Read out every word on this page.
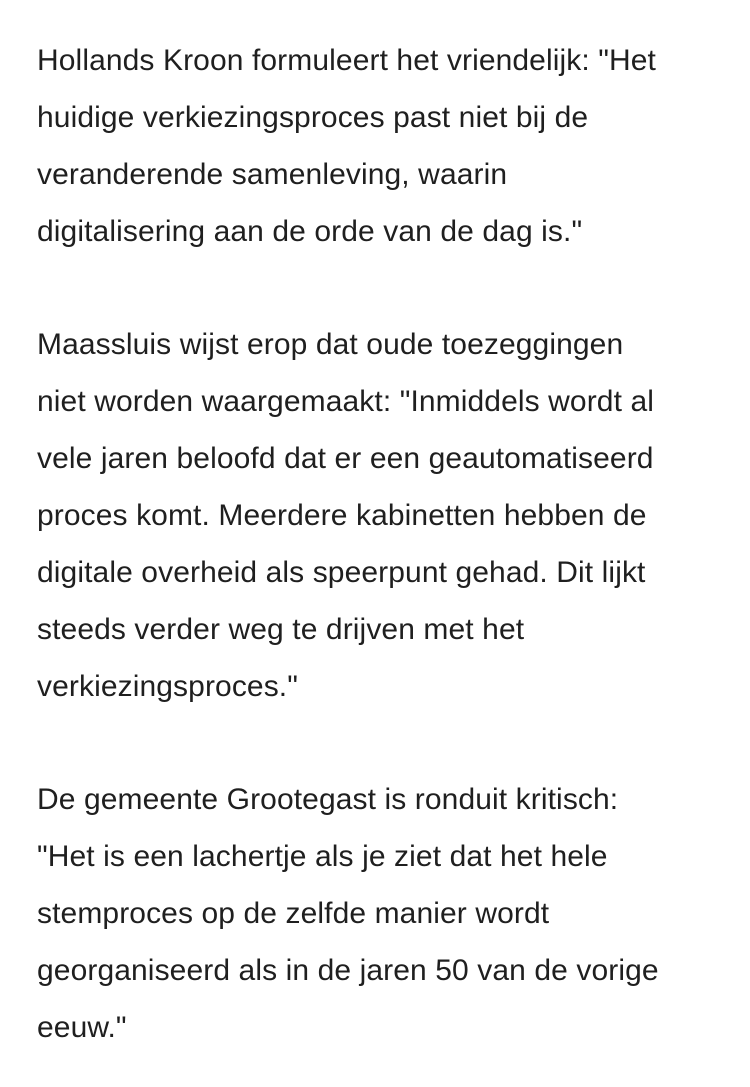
Hollands Kroon formuleert het vriendelijk: "Het
huidige verkiezingsproces past niet bij de
veranderende samenleving, waarin
digitalisering aan de orde van de dag is."

Maassluis wijst erop dat oude toezeggingen
niet worden waargemaakt: "Inmiddels wordt al
vele jaren beloofd dat er een geautomatiseerd
proces komt. Meerdere kabinetten hebben de
digitale overheid als speerpunt gehad. Dit lijkt
steeds verder weg te drijven met het
verkiezingsproces."

De gemeente Grootegast is ronduit kritisch:
"Het is een lachertje als je ziet dat het hele
stemproces op de zelfde manier wordt
georganiseerd als in de jaren 50 van de vorige
eeuw."
